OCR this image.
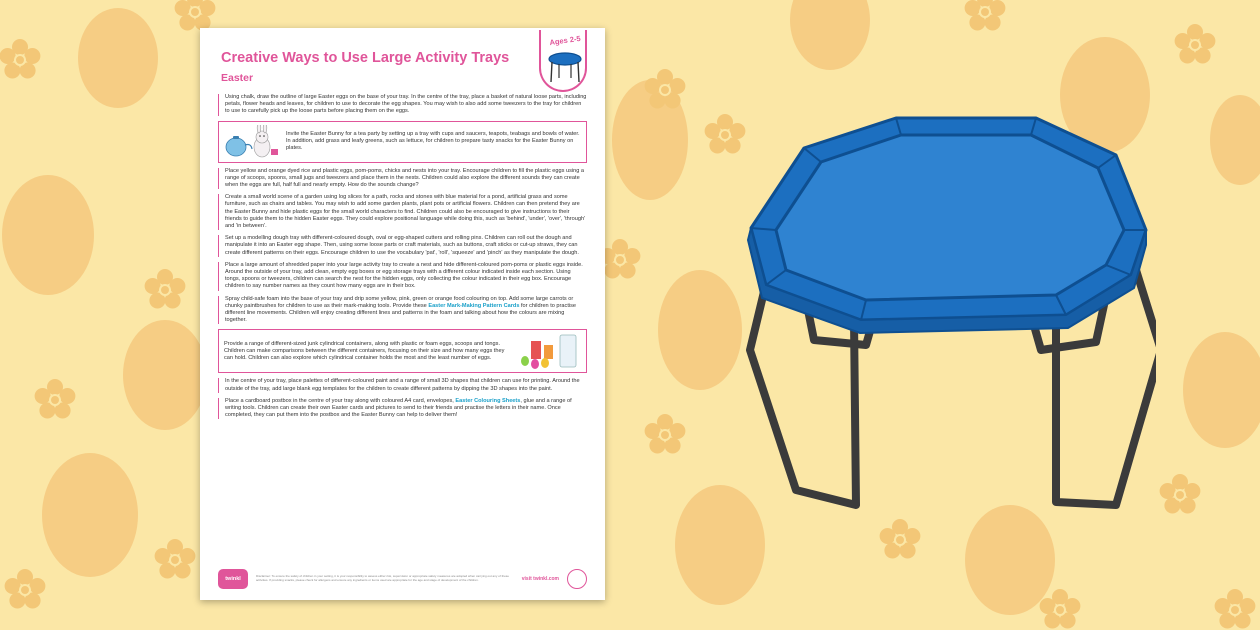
Ages 2-5
Creative Ways to Use Large Activity Trays
Easter

Using chalk, draw the outline of large Easter eggs on the base of your tray. In the centre of the tray, place a basket of natural loose parts, including petals, flower heads and leaves, for children to use to decorate the egg shapes. You may wish to also add some tweezers to the tray for children to use to carefully pick up the loose parts before placing them on the eggs.

Invite the Easter Bunny for a tea party by setting up a tray with cups and saucers, teapots, teabags and bowls of water. In addition, add grass and leafy greens, such as lettuce, for children to prepare tasty snacks for the Easter Bunny on plates.

Place yellow and orange dyed rice and plastic eggs, pom-poms, chicks and nests into your tray. Encourage children to fill the plastic eggs using a range of scoops, spoons, small jugs and tweezers and place them in the nests. Children could also explore the different sounds they can create when the eggs are full, half full and nearly empty. How do the sounds change?

Create a small world scene of a garden using log slices for a path, rocks and stones with blue material for a pond, artificial grass and some furniture, such as chairs and tables. You may wish to add some garden plants, plant pots or artificial flowers. Children can then pretend they are the Easter Bunny and hide plastic eggs for the small world characters to find. Children could also be encouraged to give instructions to their friends to guide them to the hidden Easter eggs. They could explore positional language while doing this, such as 'behind', 'under', 'over', 'through' and 'in between'.

Set up a modelling dough tray with different-coloured dough, oval or egg-shaped cutters and rolling pins. Children can roll out the dough and manipulate it into an Easter egg shape. Then, using some loose parts or craft materials, such as buttons, craft sticks or cut-up straws, they can create different patterns on their eggs. Encourage children to use the vocabulary 'pat', 'roll', 'squeeze' and 'pinch' as they manipulate the dough.

Place a large amount of shredded paper into your large activity tray to create a nest and hide different-coloured pom-poms or plastic eggs inside. Around the outside of your tray, add clean, empty egg boxes or egg storage trays with a different colour indicated inside each section. Using tongs, spoons or tweezers, children can search the nest for the hidden eggs, only collecting the colour indicated in their egg box. Encourage children to say number names as they count how many eggs are in their box.

Spray child-safe foam into the base of your tray and drip some yellow, pink, green or orange food colouring on top. Add some large carrots or chunky paintbrushes for children to use as their mark-making tools. Provide these Easter Mark-Making Pattern Cards for children to practise different line movements. Children will enjoy creating different lines and patterns in the foam and talking about how the colours are mixing together.

Provide a range of different-sized junk cylindrical containers, along with plastic or foam eggs, scoops and tongs. Children can make comparisons between the different containers, focusing on their size and how many eggs they can hold. Children can also explore which cylindrical container holds the most and the least number of eggs.

In the centre of your tray, place palettes of different-coloured paint and a range of small 3D shapes that children can use for printing. Around the outside of the tray, add large blank egg templates for the children to create different patterns by dipping the 3D shapes into the paint.

Place a cardboard postbox in the centre of your tray along with coloured A4 card, envelopes, Easter Colouring Sheets, glue and a range of writing tools. Children can create their own Easter cards and pictures to send to their friends and practise the letters in their name. Once completed, they can put them into the postbox and the Easter Bunny can help to deliver them!

twinkl	Disclaimer: To ensure the safety of children in your setting, it is your responsibility to assess either risk, supervision or appropriate safety measures are adopted when carrying out any of these activities. If providing snacks, please check for allergens and ensure any ingredients or items used are appropriate for the age and stage of development of the children.	visit twinkl.com
